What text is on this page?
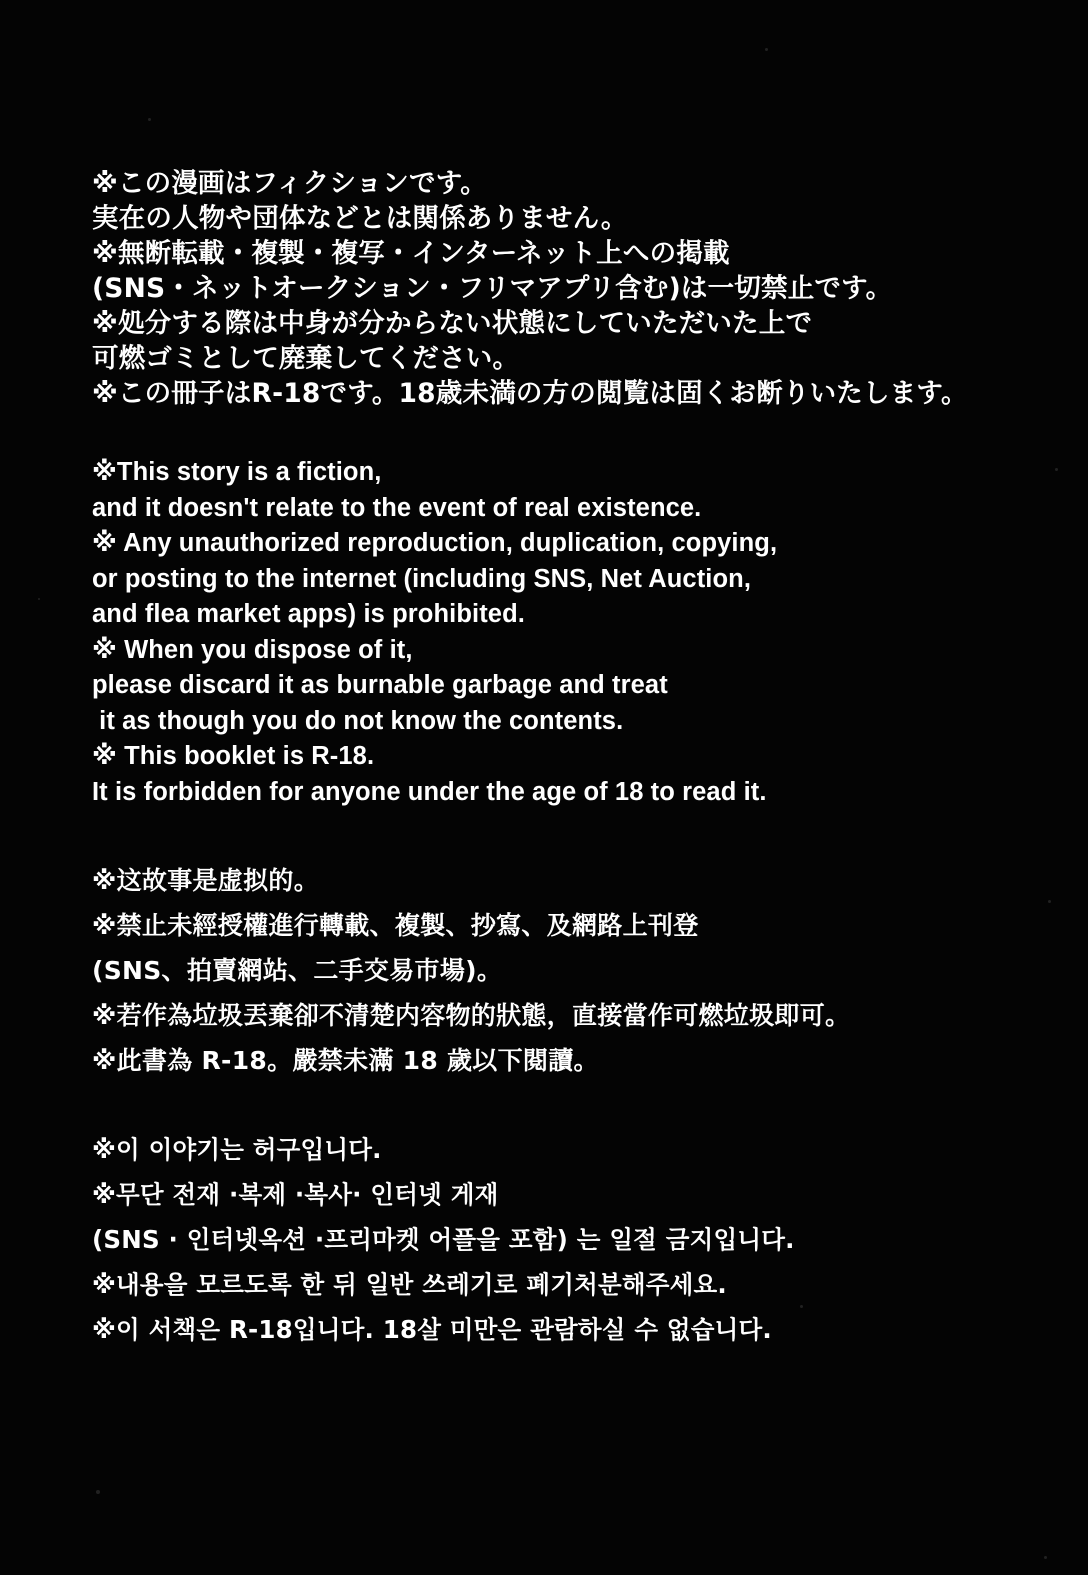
※この漫画はフィクションです。

実在の人物や団体などとは関係ありません。

※無断転載・複製・複写・インターネット上への掲載

(SNS・ネットオークション・フリマアプリ含む)は一切禁止です。

※処分する際は中身が分からない状態にしていただいた上で

可燃ゴミとして廃棄してください。

※この冊子はR-18です。18歳未満の方の閲覧は固くお断りいたします。

※This story is a fiction,

and it doesn't relate to the event of real existence.

※ Any unauthorized reproduction, duplication, copying,

or posting to the internet (including SNS, Net Auction,

and flea market apps) is prohibited.

※ When you dispose of it,

please discard it as burnable garbage and treat

it as though you do not know the contents.

※ This booklet is R-18.

It is forbidden for anyone under the age of 18 to read it.

※这故事是虚拟的。

※禁止未經授權進行轉載、複製、抄寫、及網路上刊登

(SNS、拍賣網站、二手交易市場)。

※若作為垃圾丟棄卻不清楚内容物的狀態，直接當作可燃垃圾即可。

※此書為 R-18。嚴禁未滿 18 歲以下閱讀。

※이 이야기는 허구입니다.

※무단 전재 ·복제 ·복사· 인터넷 게재

(SNS · 인터넷옥션 ·프리마켓 어플을 포함) 는 일절 금지입니다.

※내용을 모르도록 한 뒤 일반 쓰레기로 폐기처분해주세요.

※이 서책은 R-18입니다. 18살 미만은 관람하실 수 없습니다.
